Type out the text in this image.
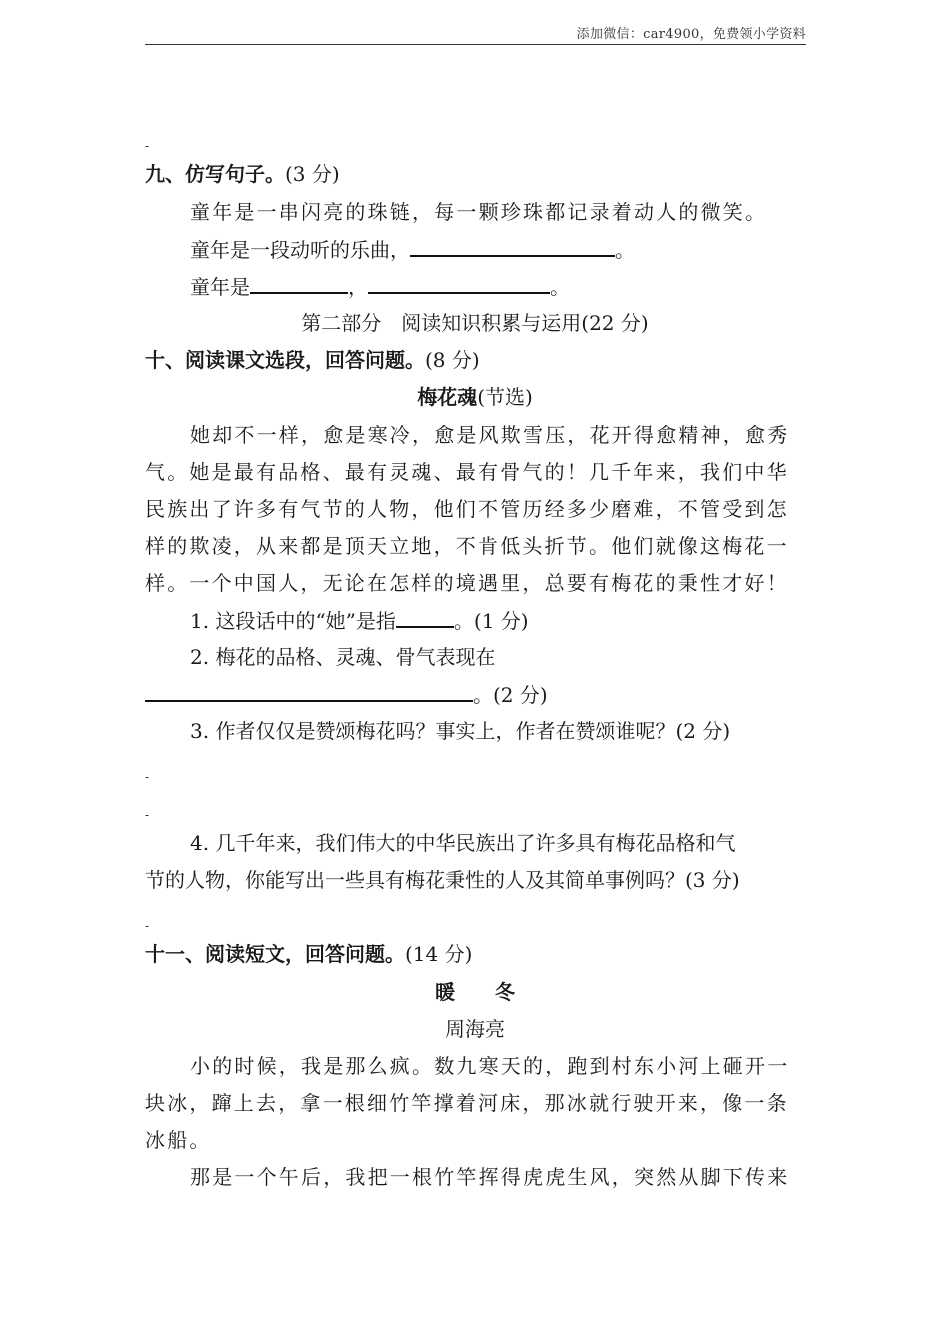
添加微信：car4900，免费领小学资料
-
九、仿写句子。(3 分)
童年是一串闪亮的珠链，每一颗珍珠都记录着动人的微笑。
童年是一段动听的乐曲，	。
童年是	，	。
第二部分　阅读知识积累与运用(22 分)
十、阅读课文选段，回答问题。(8 分)
梅花魂(节选)
她却不一样，愈是寒冷，愈是风欺雪压，花开得愈精神，愈秀
气。她是最有品格、最有灵魂、最有骨气的！几千年来，我们中华
民族出了许多有气节的人物，他们不管历经多少磨难，不管受到怎
样的欺凌，从来都是顶天立地，不肯低头折节。他们就像这梅花一
样。一个中国人，无论在怎样的境遇里，总要有梅花的秉性才好！
1. 这段话中的“她”是指	。(1 分)
2. 梅花的品格、灵魂、骨气表现在
。(2 分)
3. 作者仅仅是赞颂梅花吗？事实上，作者在赞颂谁呢？(2 分)
-
-
4. 几千年来，我们伟大的中华民族出了许多具有梅花品格和气
节的人物，你能写出一些具有梅花秉性的人及其简单事例吗？(3 分)
-
十一、阅读短文，回答问题。(14 分)
暖　　冬
周海亮
小的时候，我是那么疯。数九寒天的，跑到村东小河上砸开一
块冰，蹿上去，拿一根细竹竿撑着河床，那冰就行驶开来，像一条
冰船。
那是一个午后，我把一根竹竿挥得虎虎生风，突然从脚下传来
